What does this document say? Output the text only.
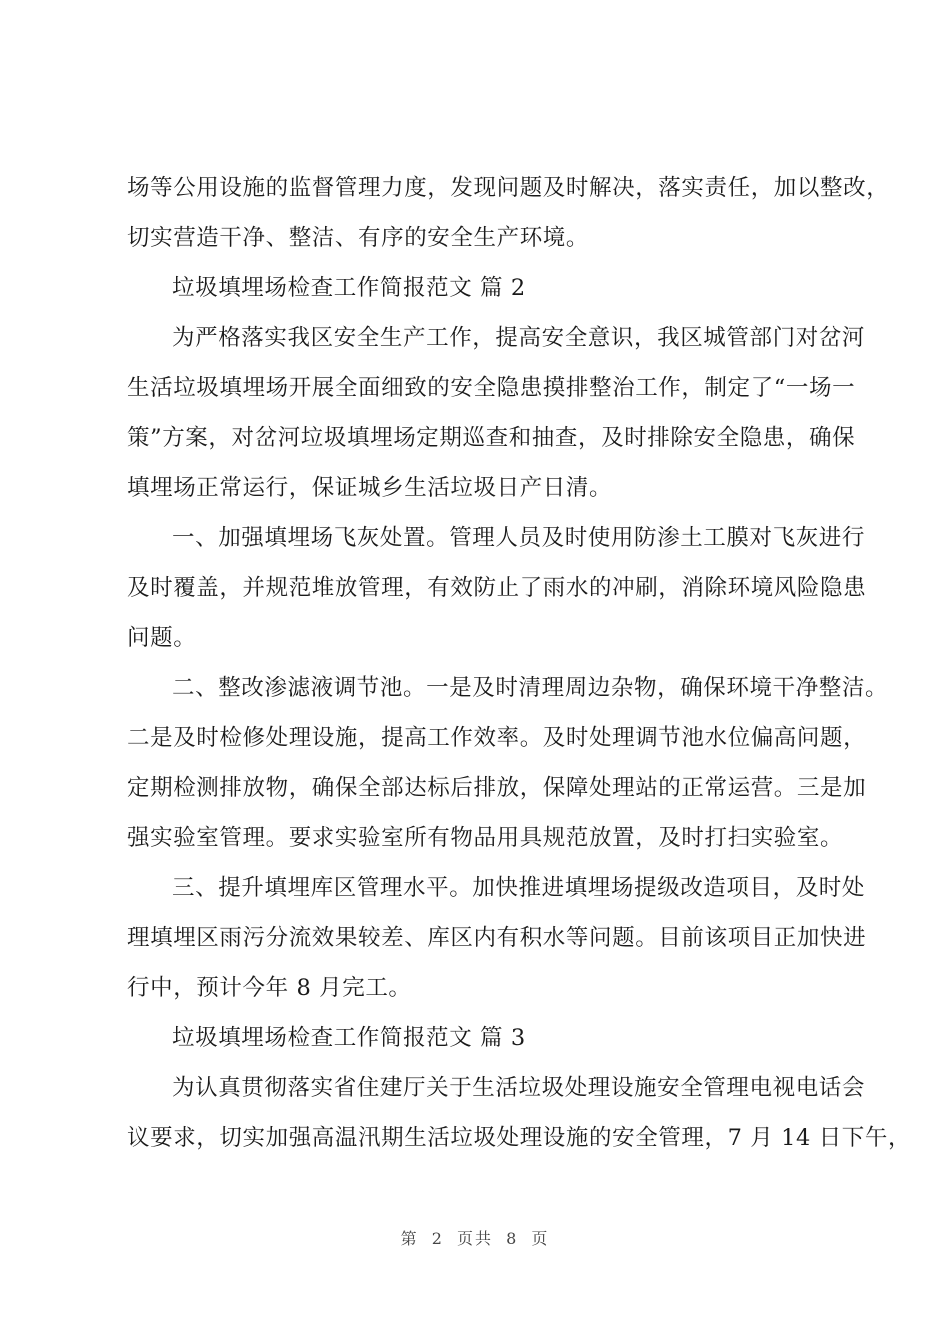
场等公用设施的监督管理力度，发现问题及时解决，落实责任，加以整改，
切实营造干净、整洁、有序的安全生产环境。
垃圾填埋场检查工作简报范文 篇 2
为严格落实我区安全生产工作，提高安全意识，我区城管部门对岔河
生活垃圾填埋场开展全面细致的安全隐患摸排整治工作，制定了“一场一
策”方案，对岔河垃圾填埋场定期巡查和抽查，及时排除安全隐患，确保
填埋场正常运行，保证城乡生活垃圾日产日清。
一、加强填埋场飞灰处置。管理人员及时使用防渗土工膜对飞灰进行
及时覆盖，并规范堆放管理，有效防止了雨水的冲刷，消除环境风险隐患
问题。
二、整改渗滤液调节池。一是及时清理周边杂物，确保环境干净整洁。
二是及时检修处理设施，提高工作效率。及时处理调节池水位偏高问题，
定期检测排放物，确保全部达标后排放，保障处理站的正常运营。三是加
强实验室管理。要求实验室所有物品用具规范放置，及时打扫实验室。
三、提升填埋库区管理水平。加快推进填埋场提级改造项目，及时处
理填埋区雨污分流效果较差、库区内有积水等问题。目前该项目正加快进
行中，预计今年 8 月完工。
垃圾填埋场检查工作简报范文 篇 3
为认真贯彻落实省住建厅关于生活垃圾处理设施安全管理电视电话会
议要求，切实加强高温汛期生活垃圾处理设施的安全管理，7 月 14 日下午，
第 2 页共 8 页
